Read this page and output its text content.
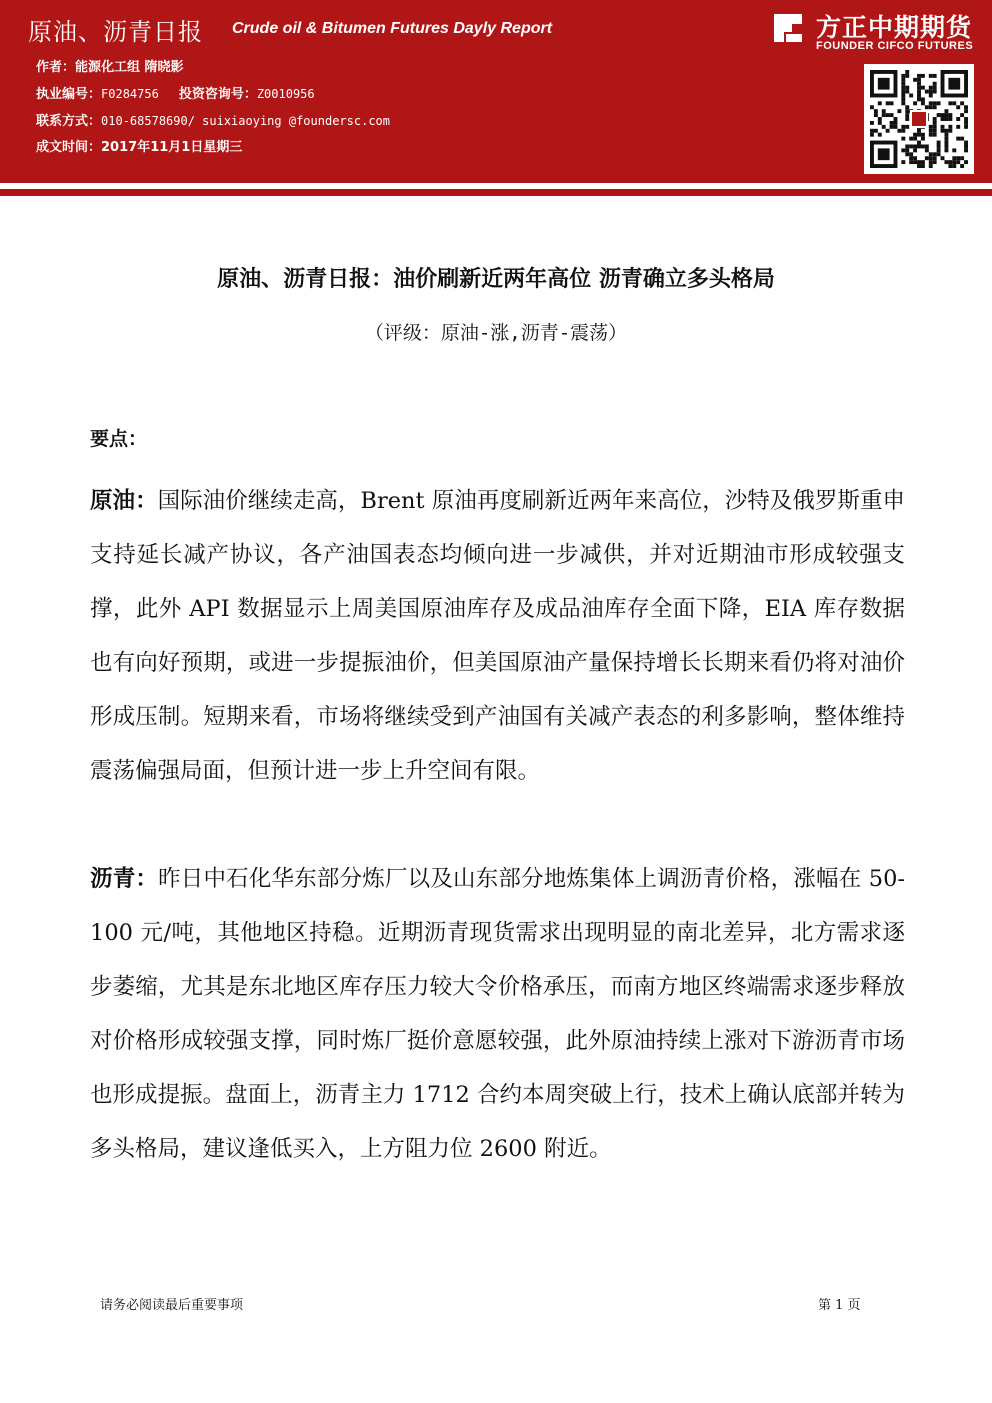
原油、沥青日报 Crude oil & Bitumen Futures Dayly Report
作者：能源化工组 隋晓影
执业编号：F0284756 投资咨询号：Z0010956
联系方式：010-68578690/ suixiaoying @foundersc.com
成文时间：2017年11月1日星期三
方正中期期货
FOUNDER CIFCO FUTURES
原油、沥青日报：油价刷新近两年高位 沥青确立多头格局
（评级：原油-涨,沥青-震荡）
要点：
原油：国际油价继续走高，Brent 原油再度刷新近两年来高位，沙特及俄罗斯重申支持延长减产协议，各产油国表态均倾向进一步减供，并对近期油市形成较强支撑，此外 API 数据显示上周美国原油库存及成品油库存全面下降，EIA 库存数据也有向好预期，或进一步提振油价，但美国原油产量保持增长长期来看仍将对油价形成压制。短期来看，市场将继续受到产油国有关减产表态的利多影响，整体维持震荡偏强局面，但预计进一步上升空间有限。
沥青：昨日中石化华东部分炼厂以及山东部分地炼集体上调沥青价格，涨幅在 50-100 元/吨，其他地区持稳。近期沥青现货需求出现明显的南北差异，北方需求逐步萎缩，尤其是东北地区库存压力较大令价格承压，而南方地区终端需求逐步释放对价格形成较强支撑，同时炼厂挺价意愿较强，此外原油持续上涨对下游沥青市场也形成提振。盘面上，沥青主力 1712 合约本周突破上行，技术上确认底部并转为多头格局，建议逢低买入，上方阻力位 2600 附近。
请务必阅读最后重要事项	第 1 页
